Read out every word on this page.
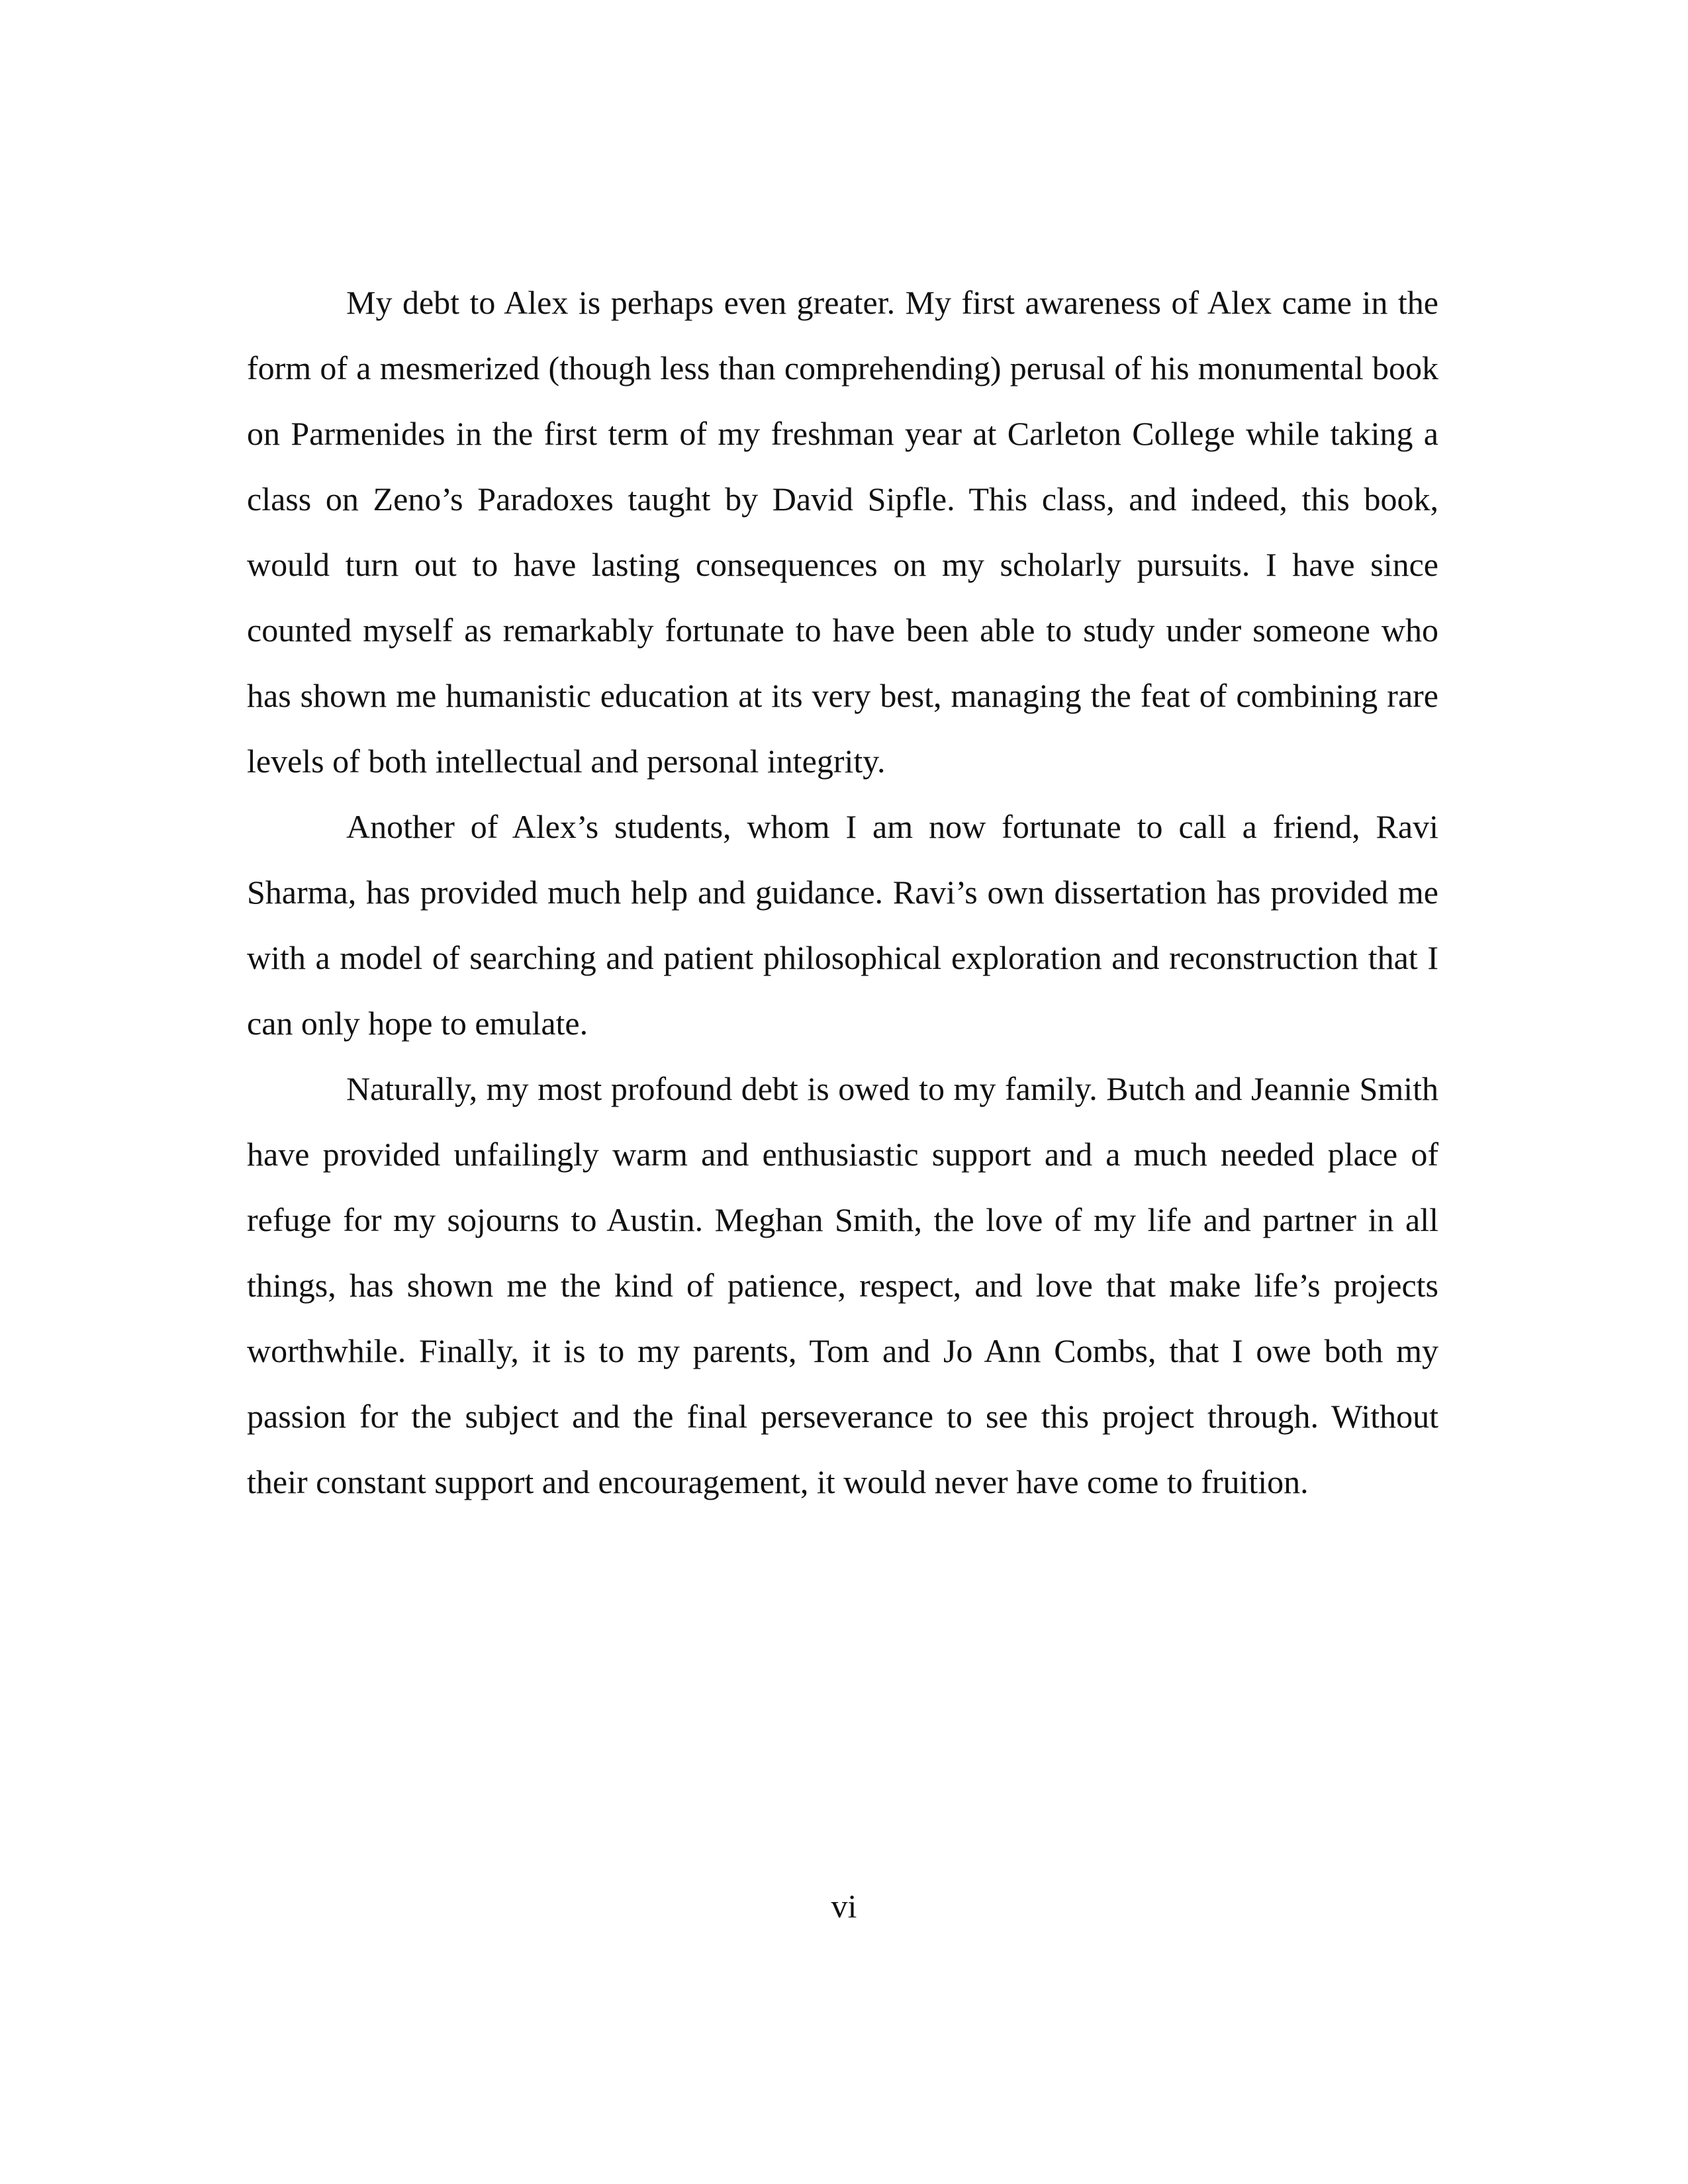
My debt to Alex is perhaps even greater. My first awareness of Alex came in the form of a mesmerized (though less than comprehending) perusal of his monumental book on Parmenides in the first term of my freshman year at Carleton College while taking a class on Zeno’s Paradoxes taught by David Sipfle. This class, and indeed, this book, would turn out to have lasting consequences on my scholarly pursuits. I have since counted myself as remarkably fortunate to have been able to study under someone who has shown me humanistic education at its very best, managing the feat of combining rare levels of both intellectual and personal integrity.

Another of Alex’s students, whom I am now fortunate to call a friend, Ravi Sharma, has provided much help and guidance. Ravi’s own dissertation has provided me with a model of searching and patient philosophical exploration and reconstruction that I can only hope to emulate.

Naturally, my most profound debt is owed to my family. Butch and Jeannie Smith have provided unfailingly warm and enthusiastic support and a much needed place of refuge for my sojourns to Austin. Meghan Smith, the love of my life and partner in all things, has shown me the kind of patience, respect, and love that make life’s projects worthwhile. Finally, it is to my parents, Tom and Jo Ann Combs, that I owe both my passion for the subject and the final perseverance to see this project through. Without their constant support and encouragement, it would never have come to fruition.

vi
